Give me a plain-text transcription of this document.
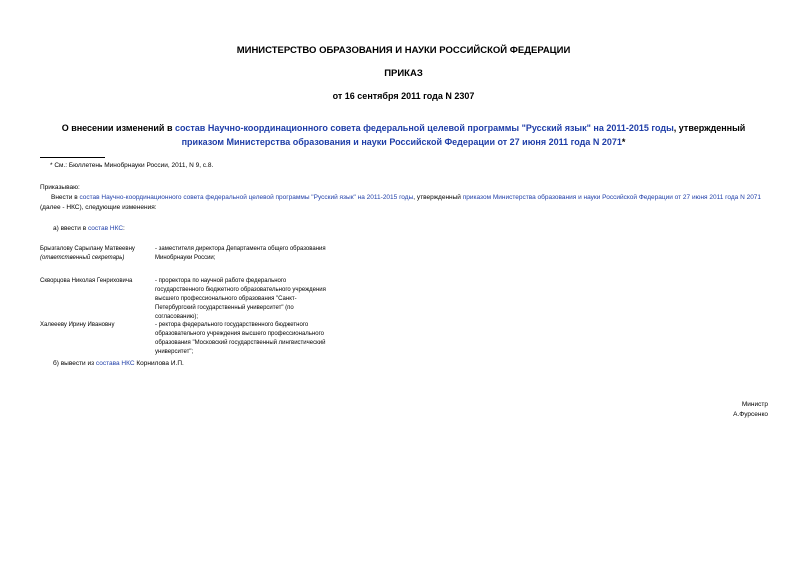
МИНИСТЕРСТВО ОБРАЗОВАНИЯ И НАУКИ РОССИЙСКОЙ ФЕДЕРАЦИИ
ПРИКАЗ
от 16 сентября 2011 года N 2307
О внесении изменений в состав Научно-координационного совета федеральной целевой программы "Русский язык" на 2011-2015 годы, утвержденный приказом Министерства образования и науки Российской Федерации от 27 июня 2011 года N 2071*
* См.: Бюллетень Минобрнауки России, 2011, N 9, с.8.
Приказываю:
Внести в состав Научно-координационного совета федеральной целевой программы "Русский язык" на 2011-2015 годы, утвержденный приказом Министерства образования и науки Российской Федерации от 27 июня 2011 года N 2071 (далее - НКС), следующие изменения:
а) ввести в состав НКС:
Брызгалову Сарылану Матвеевну
(ответственный секретарь)
- заместителя директора Департамента общего образования Минобрнауки России;
Скворцова Николая Генриховича	- проректора по научной работе федерального государственного бюджетного образовательного учреждения высшего профессионального образования "Санкт-Петербургский государственный университет" (по согласованию);
Халеееву Ирину Ивановну	- ректора федерального государственного бюджетного образовательного учреждения высшего профессионального образования "Московский государственный лингвистический университет";
б) вывести из состава НКС Корнилова И.П.
Министр
А.Фурсенко
